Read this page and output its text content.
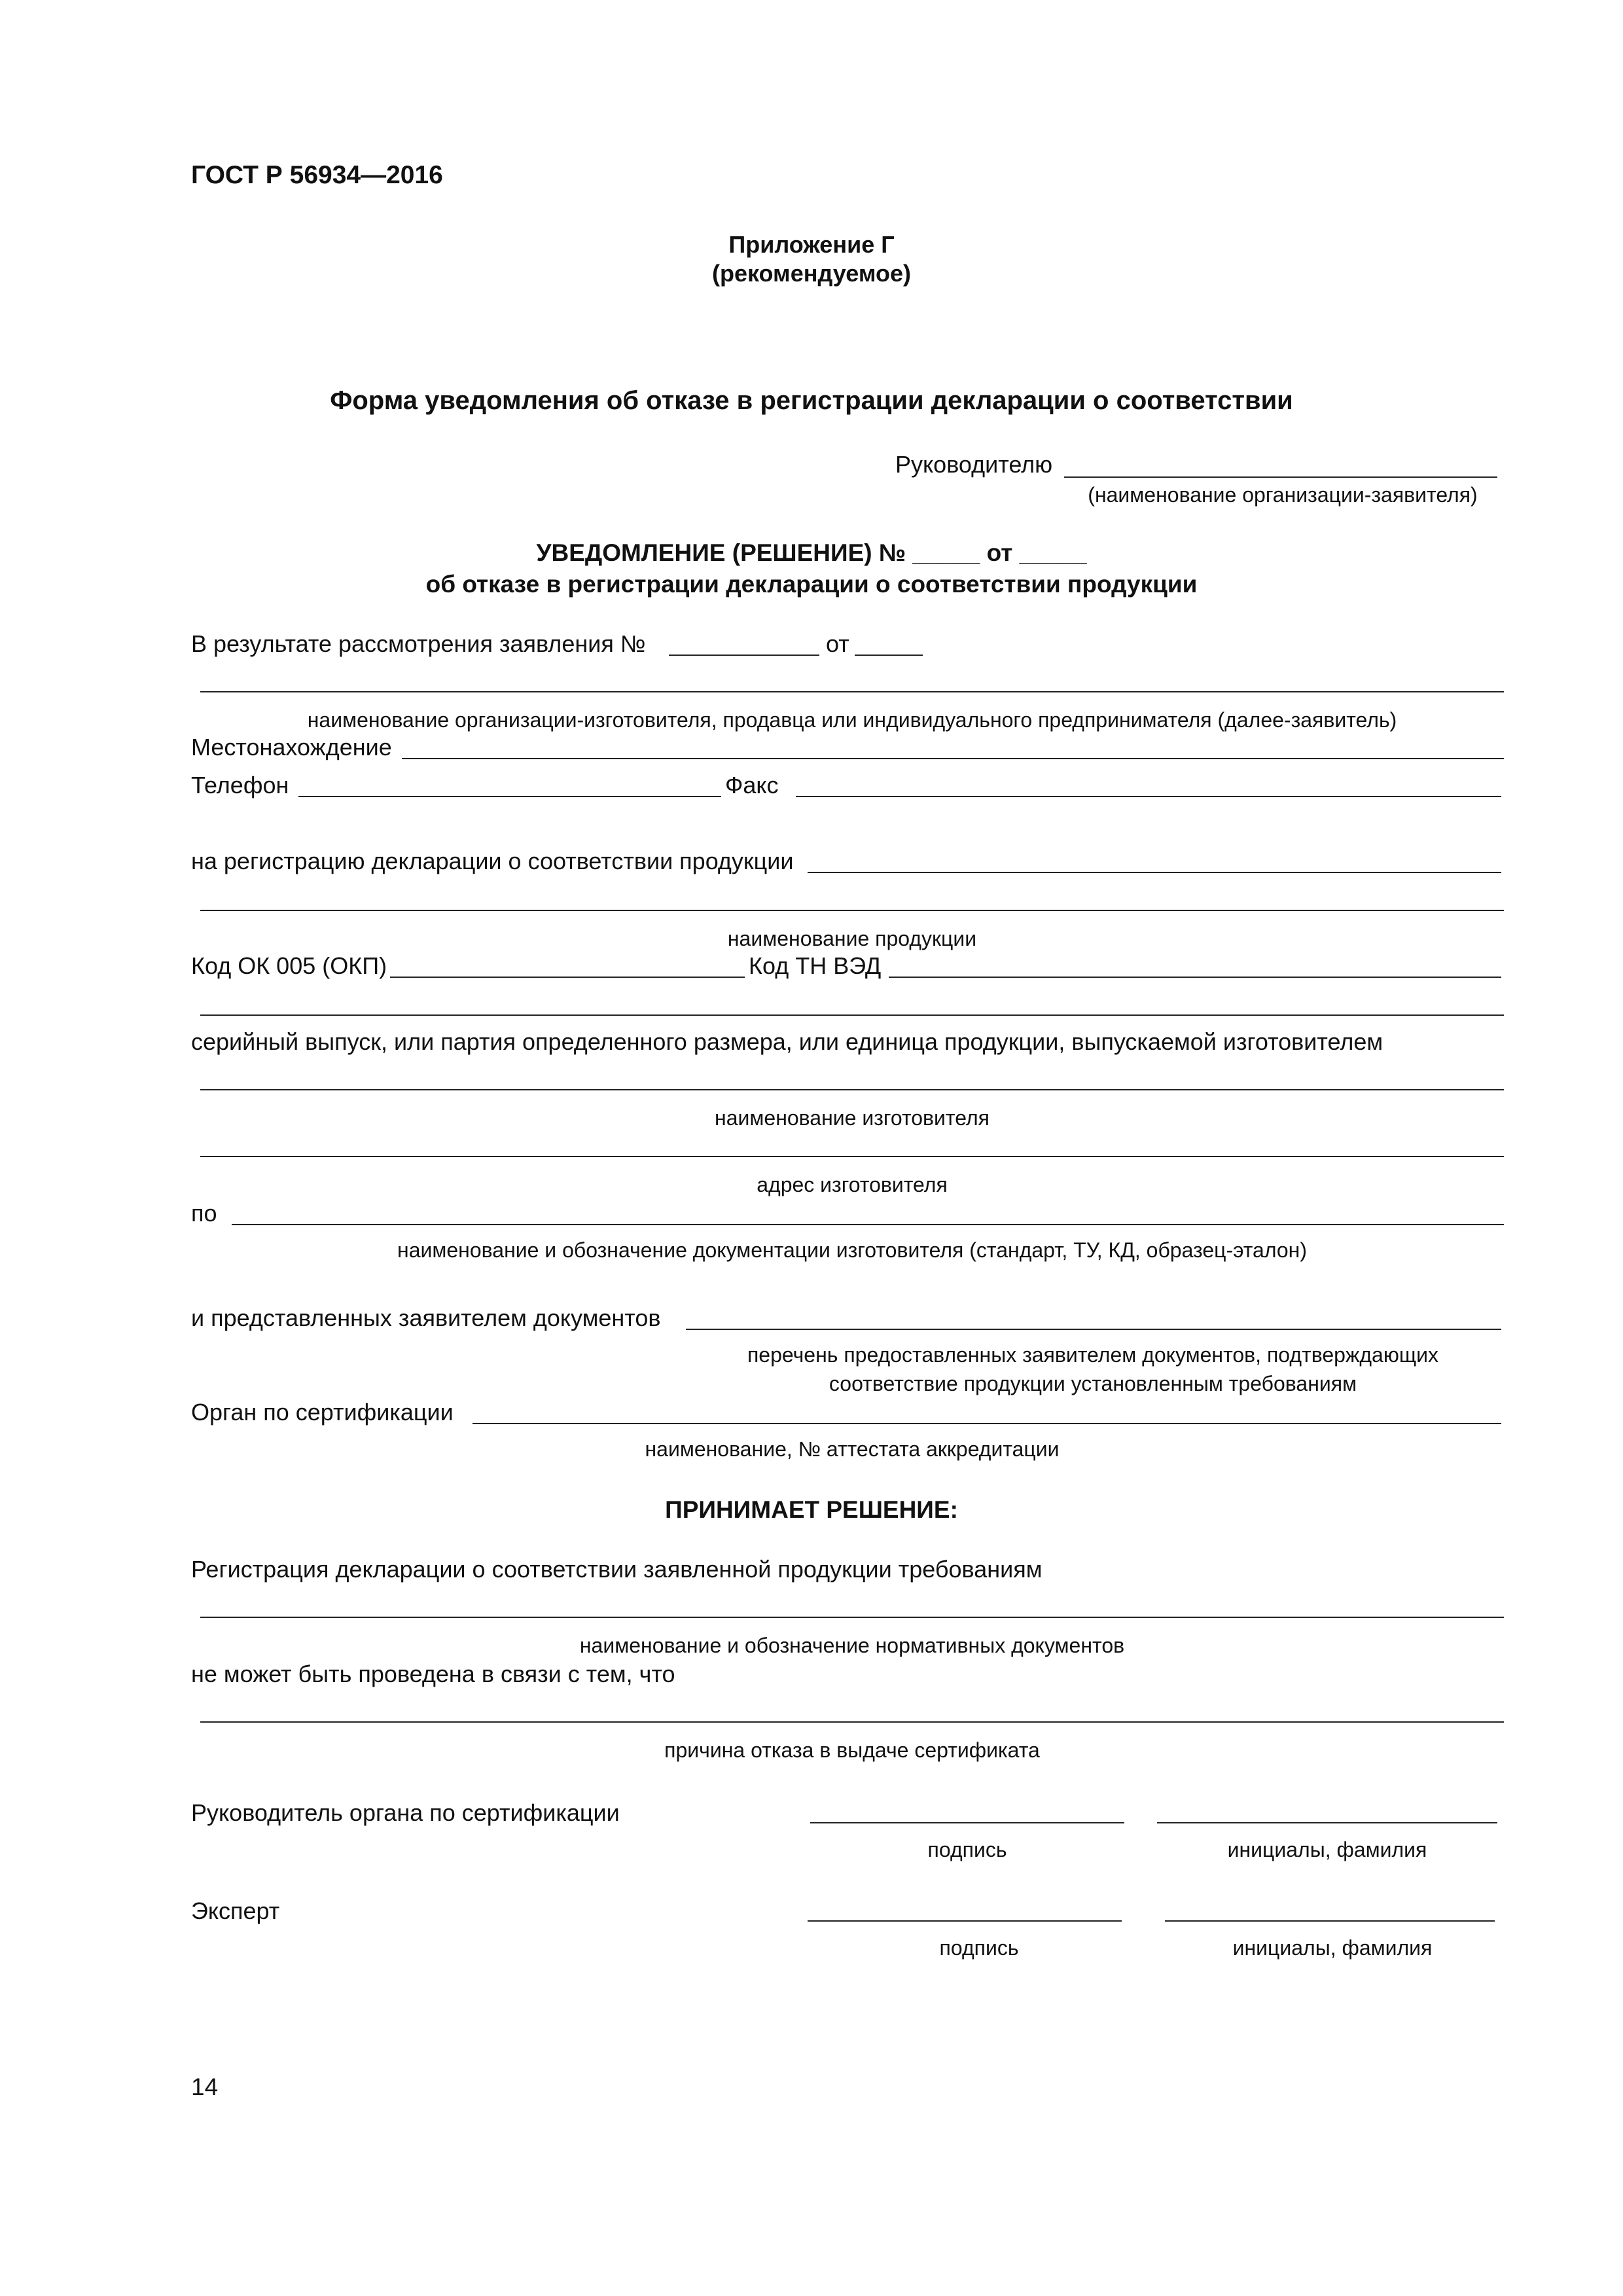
ГОСТ Р 56934—2016
Приложение Г
(рекомендуемое)
Форма уведомления об отказе в регистрации декларации о соответствии
Руководителю
(наименование организации-заявителя)
УВЕДОМЛЕНИЕ (РЕШЕНИЕ) № _____ от _____
об отказе в регистрации декларации о соответствии продукции
В результате рассмотрения заявления №	от
наименование организации-изготовителя, продавца или индивидуального предпринимателя (далее-заявитель)
Местонахождение
Телефон	Факс
на регистрацию декларации о соответствии продукции
наименование продукции
Код ОК 005 (ОКП)	Код ТН ВЭД
серийный выпуск, или партия определенного размера, или единица продукции, выпускаемой изготовителем
наименование изготовителя
адрес изготовителя
по
наименование и обозначение документации изготовителя (стандарт, ТУ, КД, образец-эталон)
и представленных заявителем документов
перечень предоставленных заявителем документов, подтверждающих
соответствие продукции установленным требованиям
Орган по сертификации
наименование, № аттестата аккредитации
ПРИНИМАЕТ РЕШЕНИЕ:
Регистрация декларации о соответствии заявленной продукции требованиям
наименование и обозначение нормативных документов
не может быть проведена в связи с тем, что
причина отказа в выдаче сертификата
Руководитель органа по сертификации
подпись	инициалы, фамилия
Эксперт
подпись	инициалы, фамилия
14
